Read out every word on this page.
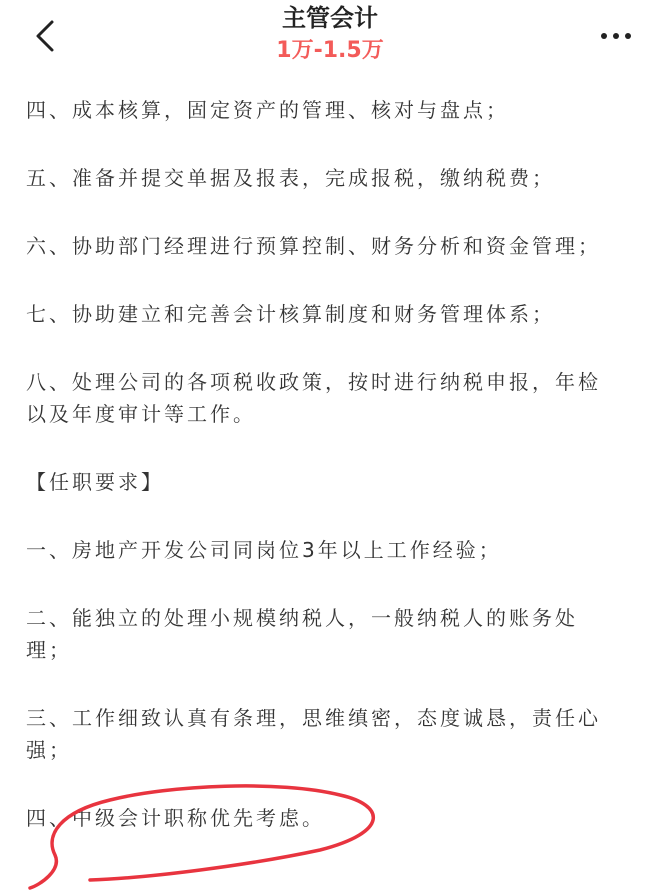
主管会计
1万-1.5万
四、成本核算，固定资产的管理、核对与盘点；
五、准备并提交单据及报表，完成报税，缴纳税费；
六、协助部门经理进行预算控制、财务分析和资金管理；
七、协助建立和完善会计核算制度和财务管理体系；
八、处理公司的各项税收政策，按时进行纳税申报，年检
以及年度审计等工作。
【任职要求】
一、房地产开发公司同岗位3年以上工作经验；
二、能独立的处理小规模纳税人，一般纳税人的账务处
理；
三、工作细致认真有条理，思维缜密，态度诚恳，责任心
强；
四、中级会计职称优先考虑。
